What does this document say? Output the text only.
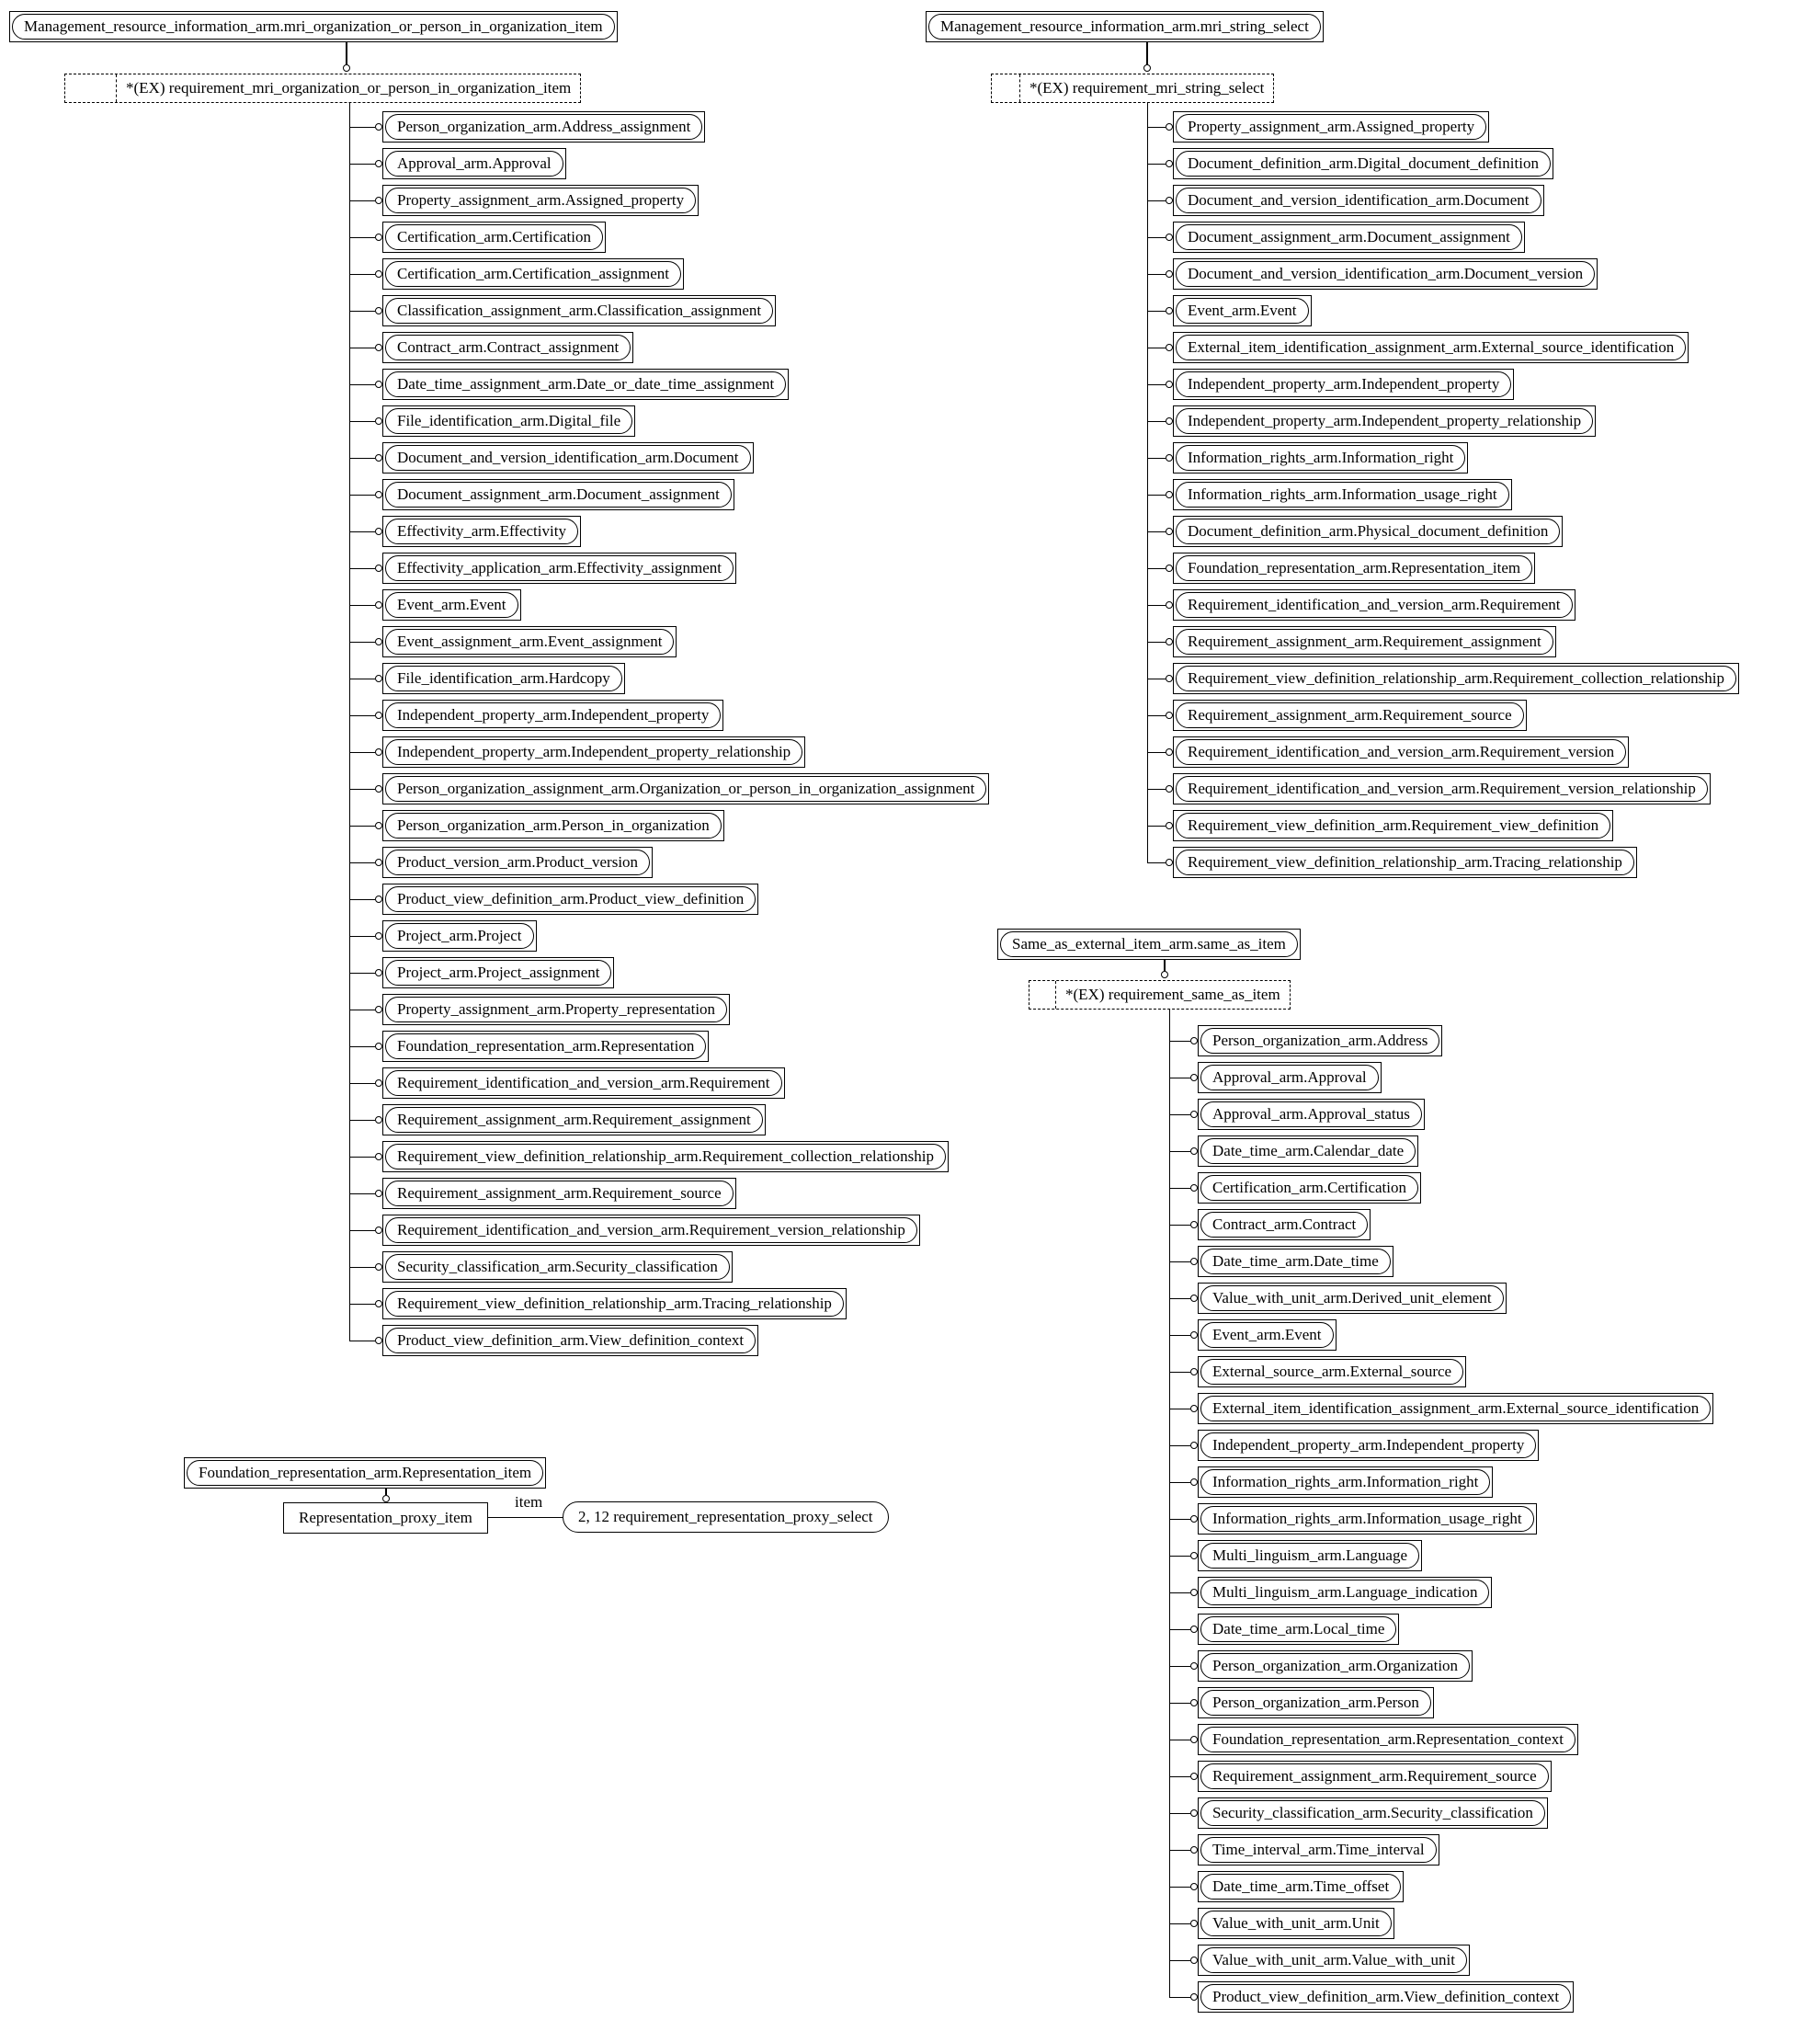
Management_resource_information_arm.mri_organization_or_person_in_organization_item
*(EX) requirement_mri_organization_or_person_in_organization_item
Person_organization_arm.Address_assignment
Approval_arm.Approval
Property_assignment_arm.Assigned_property
Certification_arm.Certification
Certification_arm.Certification_assignment
Classification_assignment_arm.Classification_assignment
Contract_arm.Contract_assignment
Date_time_assignment_arm.Date_or_date_time_assignment
File_identification_arm.Digital_file
Document_and_version_identification_arm.Document
Document_assignment_arm.Document_assignment
Effectivity_arm.Effectivity
Effectivity_application_arm.Effectivity_assignment
Event_arm.Event
Event_assignment_arm.Event_assignment
File_identification_arm.Hardcopy
Independent_property_arm.Independent_property
Independent_property_arm.Independent_property_relationship
Person_organization_assignment_arm.Organization_or_person_in_organization_assignment
Person_organization_arm.Person_in_organization
Product_version_arm.Product_version
Product_view_definition_arm.Product_view_definition
Project_arm.Project
Project_arm.Project_assignment
Property_assignment_arm.Property_representation
Foundation_representation_arm.Representation
Requirement_identification_and_version_arm.Requirement
Requirement_assignment_arm.Requirement_assignment
Requirement_view_definition_relationship_arm.Requirement_collection_relationship
Requirement_assignment_arm.Requirement_source
Requirement_identification_and_version_arm.Requirement_version_relationship
Security_classification_arm.Security_classification
Requirement_view_definition_relationship_arm.Tracing_relationship
Product_view_definition_arm.View_definition_context
Management_resource_information_arm.mri_string_select
*(EX) requirement_mri_string_select
Property_assignment_arm.Assigned_property
Document_definition_arm.Digital_document_definition
Document_and_version_identification_arm.Document
Document_assignment_arm.Document_assignment
Document_and_version_identification_arm.Document_version
Event_arm.Event
External_item_identification_assignment_arm.External_source_identification
Independent_property_arm.Independent_property
Independent_property_arm.Independent_property_relationship
Information_rights_arm.Information_right
Information_rights_arm.Information_usage_right
Document_definition_arm.Physical_document_definition
Foundation_representation_arm.Representation_item
Requirement_identification_and_version_arm.Requirement
Requirement_assignment_arm.Requirement_assignment
Requirement_view_definition_relationship_arm.Requirement_collection_relationship
Requirement_assignment_arm.Requirement_source
Requirement_identification_and_version_arm.Requirement_version
Requirement_identification_and_version_arm.Requirement_version_relationship
Requirement_view_definition_arm.Requirement_view_definition
Requirement_view_definition_relationship_arm.Tracing_relationship
Same_as_external_item_arm.same_as_item
*(EX) requirement_same_as_item
Person_organization_arm.Address
Approval_arm.Approval
Approval_arm.Approval_status
Date_time_arm.Calendar_date
Certification_arm.Certification
Contract_arm.Contract
Date_time_arm.Date_time
Value_with_unit_arm.Derived_unit_element
Event_arm.Event
External_source_arm.External_source
External_item_identification_assignment_arm.External_source_identification
Independent_property_arm.Independent_property
Information_rights_arm.Information_right
Information_rights_arm.Information_usage_right
Multi_linguism_arm.Language
Multi_linguism_arm.Language_indication
Date_time_arm.Local_time
Person_organization_arm.Organization
Person_organization_arm.Person
Foundation_representation_arm.Representation_context
Requirement_assignment_arm.Requirement_source
Security_classification_arm.Security_classification
Time_interval_arm.Time_interval
Date_time_arm.Time_offset
Value_with_unit_arm.Unit
Value_with_unit_arm.Value_with_unit
Product_view_definition_arm.View_definition_context
Foundation_representation_arm.Representation_item
item
Representation_proxy_item	2, 12 requirement_representation_proxy_select
